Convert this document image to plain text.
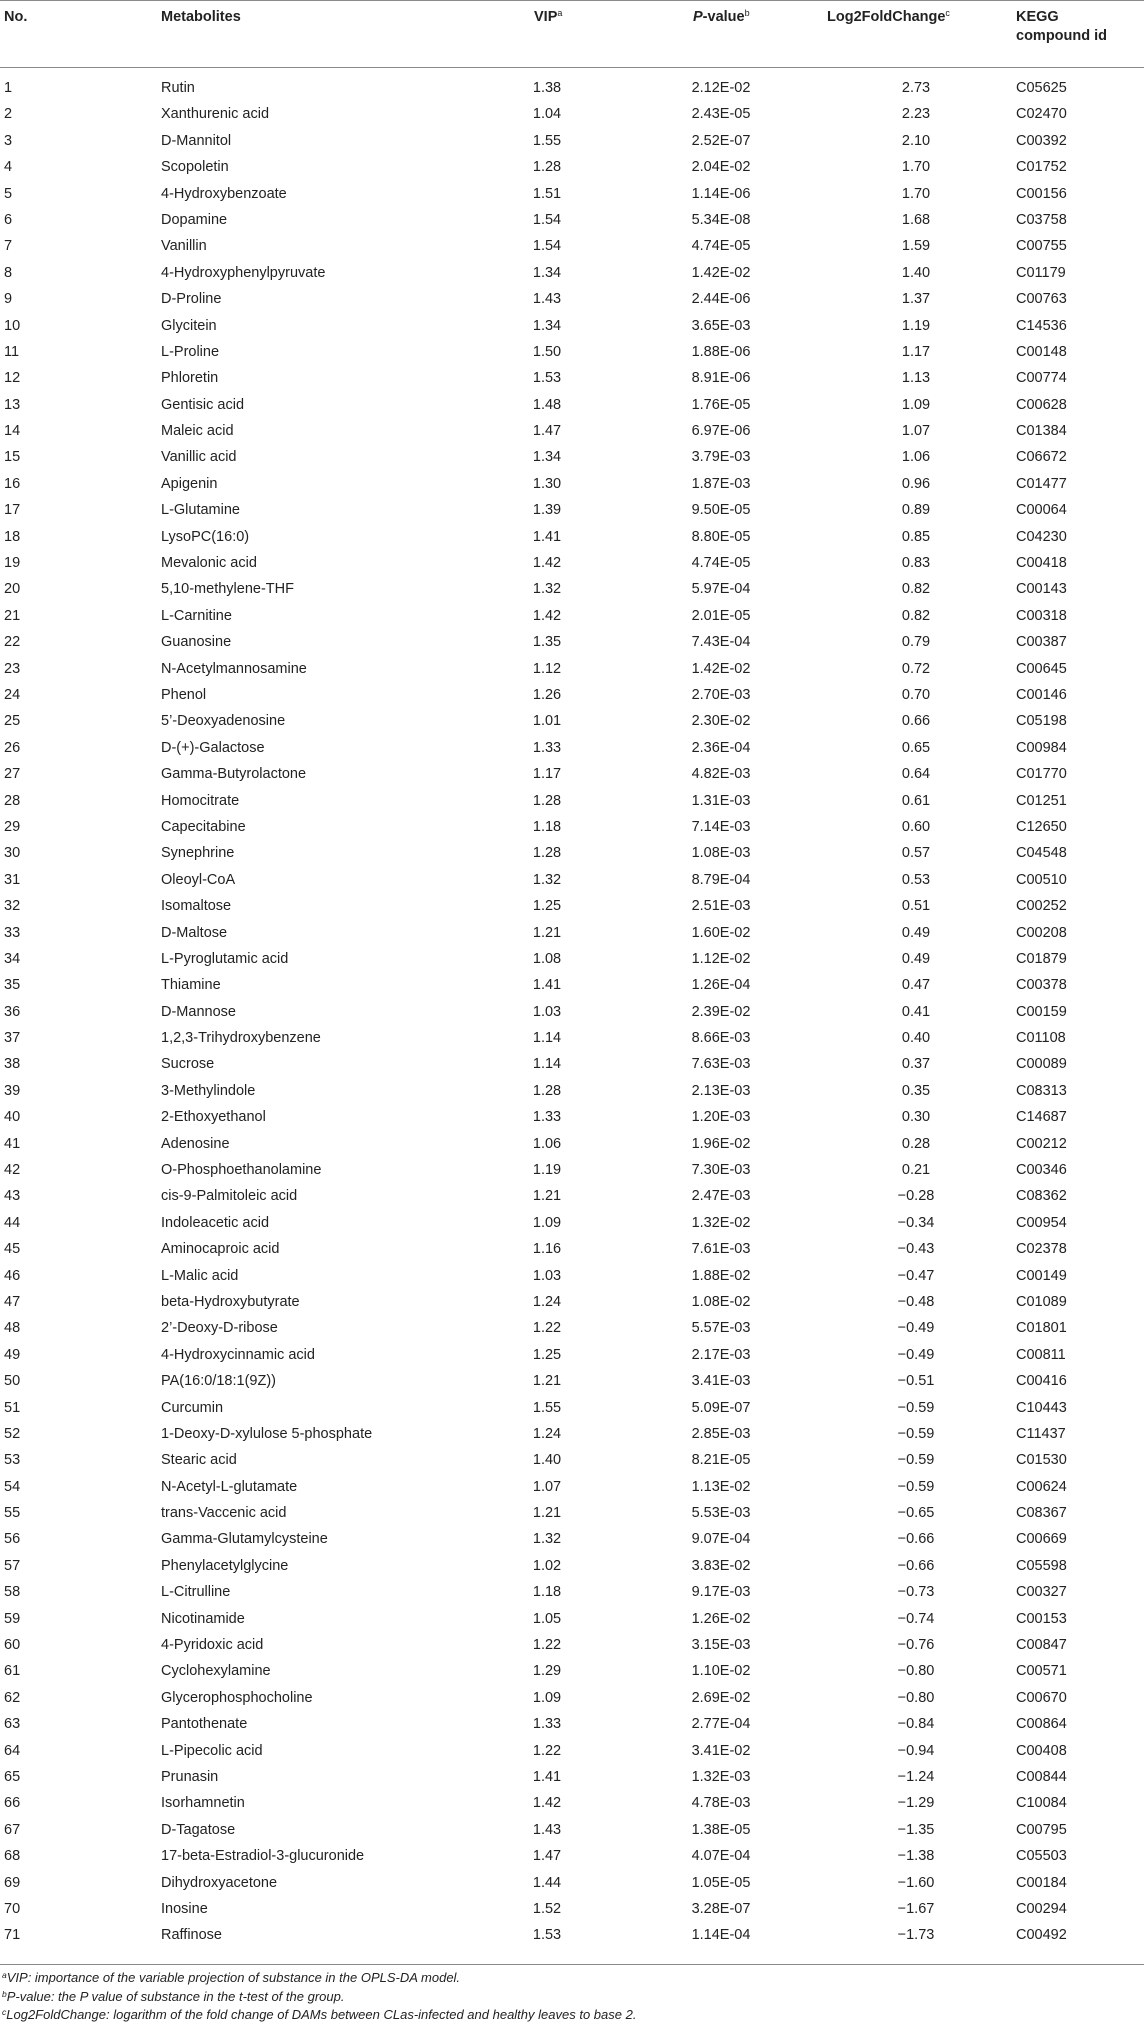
No.	Metabolites	VIP$^a$	P-value$^b$	Log2FoldChange$^c$	KEGG
compound id
1	Rutin	1.38	2.12E-02	2.73	C05625
2	Xanthurenic acid	1.04	2.43E-05	2.23	C02470
3	D-Mannitol	1.55	2.52E-07	2.10	C00392
4	Scopoletin	1.28	2.04E-02	1.70	C01752
5	4-Hydroxybenzoate	1.51	1.14E-06	1.70	C00156
6	Dopamine	1.54	5.34E-08	1.68	C03758
7	Vanillin	1.54	4.74E-05	1.59	C00755
8	4-Hydroxyphenylpyruvate	1.34	1.42E-02	1.40	C01179
9	D-Proline	1.43	2.44E-06	1.37	C00763
10	Glycitein	1.34	3.65E-03	1.19	C14536
11	L-Proline	1.50	1.88E-06	1.17	C00148
12	Phloretin	1.53	8.91E-06	1.13	C00774
13	Gentisic acid	1.48	1.76E-05	1.09	C00628
14	Maleic acid	1.47	6.97E-06	1.07	C01384
15	Vanillic acid	1.34	3.79E-03	1.06	C06672
16	Apigenin	1.30	1.87E-03	0.96	C01477
17	L-Glutamine	1.39	9.50E-05	0.89	C00064
18	LysoPC(16:0)	1.41	8.80E-05	0.85	C04230
19	Mevalonic acid	1.42	4.74E-05	0.83	C00418
20	5,10-methylene-THF	1.32	5.97E-04	0.82	C00143
21	L-Carnitine	1.42	2.01E-05	0.82	C00318
22	Guanosine	1.35	7.43E-04	0.79	C00387
23	N-Acetylmannosamine	1.12	1.42E-02	0.72	C00645
24	Phenol	1.26	2.70E-03	0.70	C00146
25	5’-Deoxyadenosine	1.01	2.30E-02	0.66	C05198
26	D-(+)-Galactose	1.33	2.36E-04	0.65	C00984
27	Gamma-Butyrolactone	1.17	4.82E-03	0.64	C01770
28	Homocitrate	1.28	1.31E-03	0.61	C01251
29	Capecitabine	1.18	7.14E-03	0.60	C12650
30	Synephrine	1.28	1.08E-03	0.57	C04548
31	Oleoyl-CoA	1.32	8.79E-04	0.53	C00510
32	Isomaltose	1.25	2.51E-03	0.51	C00252
33	D-Maltose	1.21	1.60E-02	0.49	C00208
34	L-Pyroglutamic acid	1.08	1.12E-02	0.49	C01879
35	Thiamine	1.41	1.26E-04	0.47	C00378
36	D-Mannose	1.03	2.39E-02	0.41	C00159
37	1,2,3-Trihydroxybenzene	1.14	8.66E-03	0.40	C01108
38	Sucrose	1.14	7.63E-03	0.37	C00089
39	3-Methylindole	1.28	2.13E-03	0.35	C08313
40	2-Ethoxyethanol	1.33	1.20E-03	0.30	C14687
41	Adenosine	1.06	1.96E-02	0.28	C00212
42	O-Phosphoethanolamine	1.19	7.30E-03	0.21	C00346
43	cis-9-Palmitoleic acid	1.21	2.47E-03	−0.28	C08362
44	Indoleacetic acid	1.09	1.32E-02	−0.34	C00954
45	Aminocaproic acid	1.16	7.61E-03	−0.43	C02378
46	L-Malic acid	1.03	1.88E-02	−0.47	C00149
47	beta-Hydroxybutyrate	1.24	1.08E-02	−0.48	C01089
48	2’-Deoxy-D-ribose	1.22	5.57E-03	−0.49	C01801
49	4-Hydroxycinnamic acid	1.25	2.17E-03	−0.49	C00811
50	PA(16:0/18:1(9Z))	1.21	3.41E-03	−0.51	C00416
51	Curcumin	1.55	5.09E-07	−0.59	C10443
52	1-Deoxy-D-xylulose 5-phosphate	1.24	2.85E-03	−0.59	C11437
53	Stearic acid	1.40	8.21E-05	−0.59	C01530
54	N-Acetyl-L-glutamate	1.07	1.13E-02	−0.59	C00624
55	trans-Vaccenic acid	1.21	5.53E-03	−0.65	C08367
56	Gamma-Glutamylcysteine	1.32	9.07E-04	−0.66	C00669
57	Phenylacetylglycine	1.02	3.83E-02	−0.66	C05598
58	L-Citrulline	1.18	9.17E-03	−0.73	C00327
59	Nicotinamide	1.05	1.26E-02	−0.74	C00153
60	4-Pyridoxic acid	1.22	3.15E-03	−0.76	C00847
61	Cyclohexylamine	1.29	1.10E-02	−0.80	C00571
62	Glycerophosphocholine	1.09	2.69E-02	−0.80	C00670
63	Pantothenate	1.33	2.77E-04	−0.84	C00864
64	L-Pipecolic acid	1.22	3.41E-02	−0.94	C00408
65	Prunasin	1.41	1.32E-03	−1.24	C00844
66	Isorhamnetin	1.42	4.78E-03	−1.29	C10084
67	D-Tagatose	1.43	1.38E-05	−1.35	C00795
68	17-beta-Estradiol-3-glucuronide	1.47	4.07E-04	−1.38	C05503
69	Dihydroxyacetone	1.44	1.05E-05	−1.60	C00184
70	Inosine	1.52	3.28E-07	−1.67	C00294
71	Raffinose	1.53	1.14E-04	−1.73	C00492
$^a$VIP: importance of the variable projection of substance in the OPLS-DA model.
$^b$P-value: the P value of substance in the t-test of the group.
$^c$Log2FoldChange: logarithm of the fold change of DAMs between CLas-infected and healthy leaves to base 2.
